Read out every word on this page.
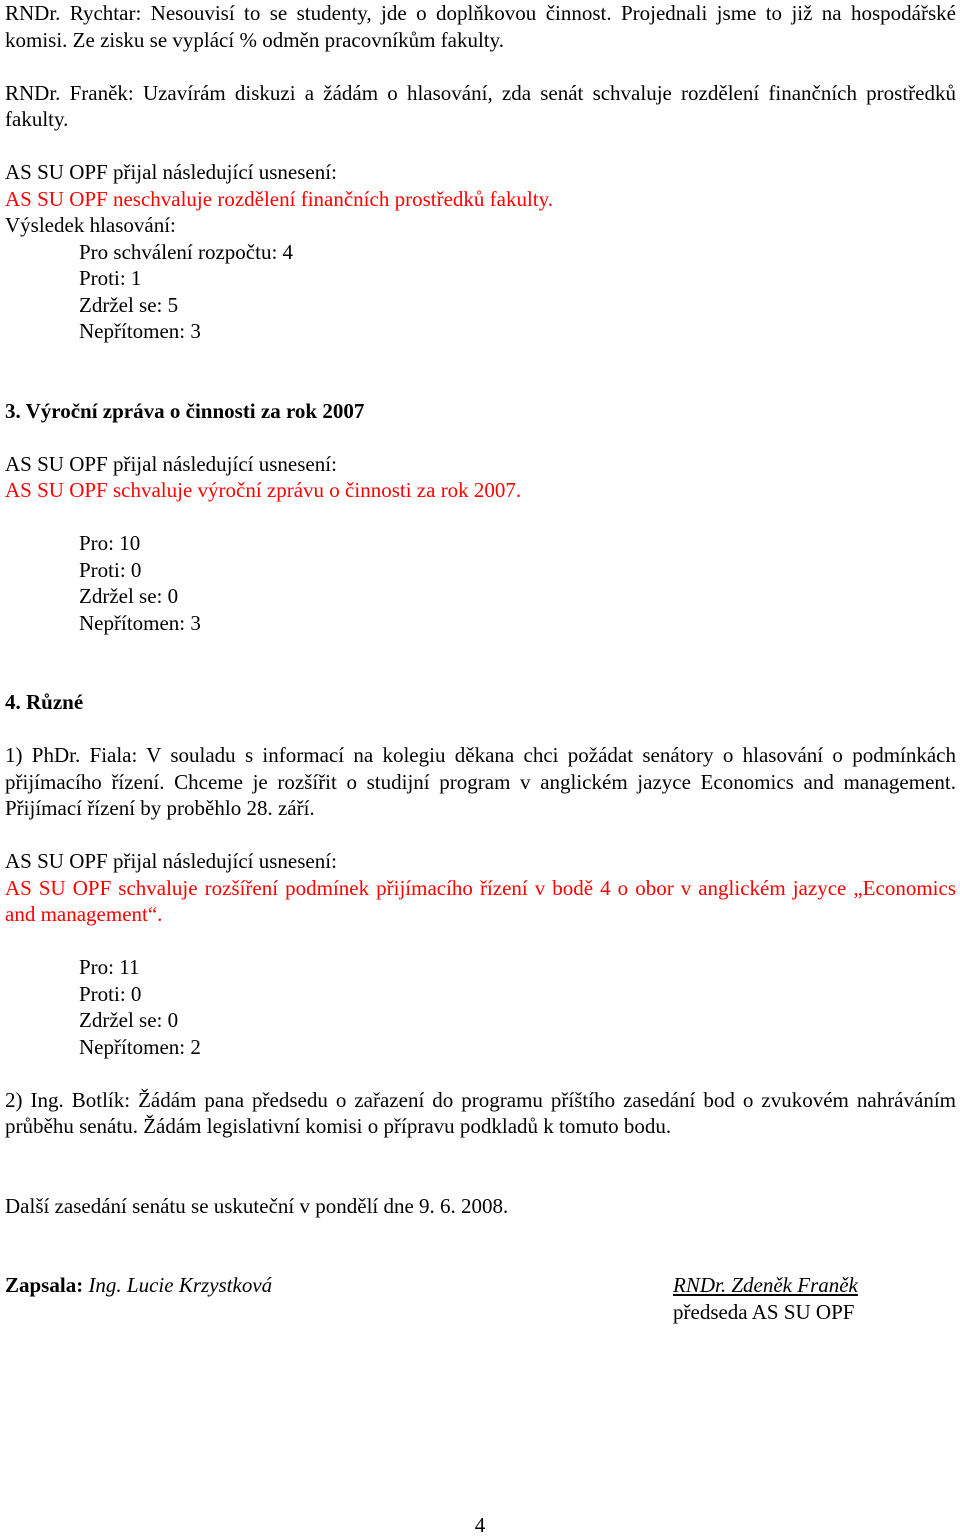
RNDr. Rychtar: Nesouvisí to se studenty, jde o doplňkovou činnost. Projednali jsme to již na hospodářské komisi. Ze zisku se vyplácí % odměn pracovníkům fakulty.

RNDr. Franěk: Uzavírám diskuzi a žádám o hlasování, zda senát schvaluje rozdělení finančních prostředků fakulty.

AS SU OPF přijal následující usnesení:

AS SU OPF neschvaluje rozdělení finančních prostředků fakulty.

Výsledek hlasování:

Pro schválení rozpočtu: 4

Proti: 1

Zdržel se: 5

Nepřítomen: 3

3. Výroční zpráva o činnosti za rok 2007

AS SU OPF přijal následující usnesení:

AS SU OPF schvaluje výroční zprávu o činnosti za rok 2007.

Pro: 10

Proti: 0

Zdržel se: 0

Nepřítomen: 3

4. Různé

1) PhDr. Fiala: V souladu s informací na kolegiu děkana chci požádat senátory o hlasování o podmínkách přijímacího řízení. Chceme je rozšířit o studijní program v anglickém jazyce Economics and management. Přijímací řízení by proběhlo 28. září.

AS SU OPF přijal následující usnesení:

AS SU OPF schvaluje rozšíření podmínek přijímacího řízení v bodě 4 o obor v anglickém jazyce „Economics and management“.

Pro: 11

Proti: 0

Zdržel se: 0

Nepřítomen: 2

2) Ing. Botlík: Žádám pana předsedu o zařazení do programu příštího zasedání bod o zvukovém nahráváním průběhu senátu. Žádám legislativní komisi o přípravu podkladů k tomuto bodu.

Další zasedání senátu se uskuteční v pondělí dne 9. 6. 2008.

Zapsala: Ing. Lucie Krzystková	RNDr. Zdeněk Franěk
předseda AS SU OPF
4
